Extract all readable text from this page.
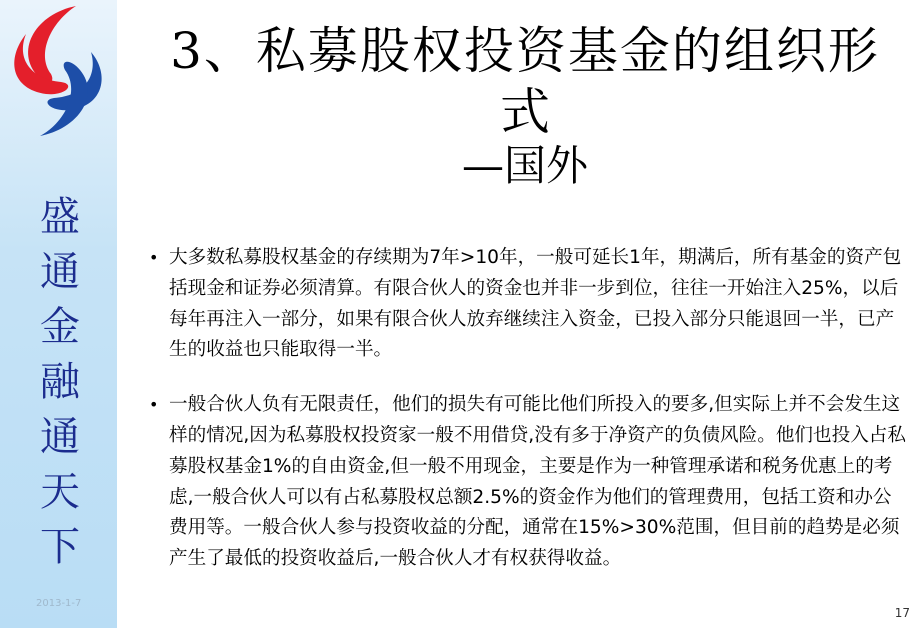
盛
通
金
融
通
天
下
2013-1-7
3、私募股权投资基金的组织形
式
—国外
• 大多数私募股权基金的存续期为7年>10年，一般可延长1年，期满后，所有基金的资产包括现金和证券必须清算。有限合伙人的资金也并非一步到位，往往一开始注入25%，以后每年再注入一部分，如果有限合伙人放弃继续注入资金，已投入部分只能退回一半，已产生的收益也只能取得一半。
• 一般合伙人负有无限责任，他们的损失有可能比他们所投入的要多,但实际上并不会发生这样的情况,因为私募股权投资家一般不用借贷,没有多于净资产的负债风险。他们也投入占私募股权基金1%的自由资金,但一般不用现金，主要是作为一种管理承诺和税务优惠上的考虑,一般合伙人可以有占私募股权总额2.5%的资金作为他们的管理费用，包括工资和办公费用等。一般合伙人参与投资收益的分配，通常在15%>30%范围，但目前的趋势是必须产生了最低的投资收益后,一般合伙人才有权获得收益。
17
